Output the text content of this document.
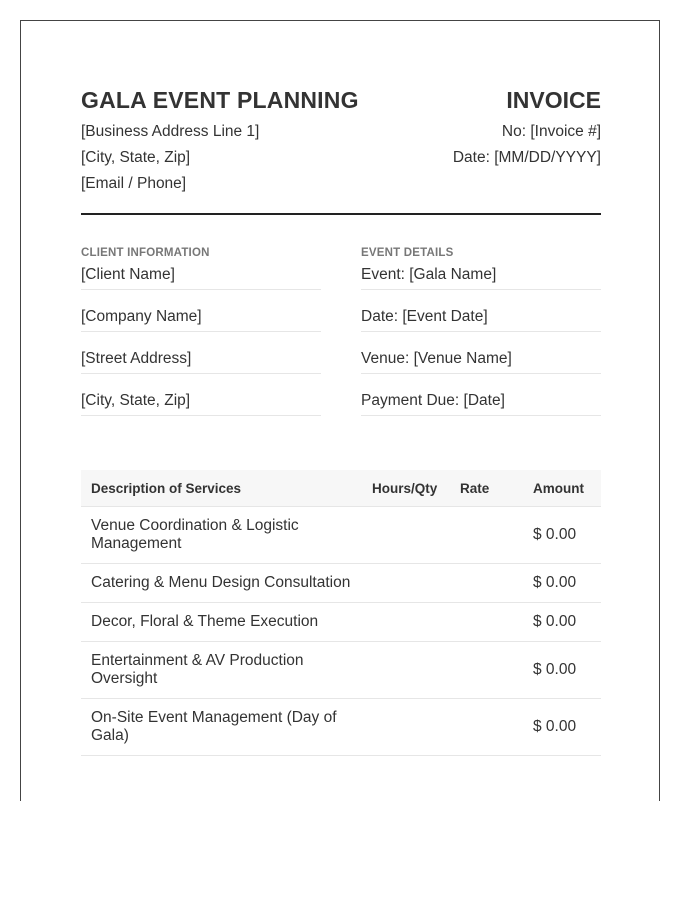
GALA EVENT PLANNING
[Business Address Line 1]
[City, State, Zip]
[Email / Phone]
INVOICE
No: [Invoice #]
Date: [MM/DD/YYYY]
CLIENT INFORMATION
[Client Name]
[Company Name]
[Street Address]
[City, State, Zip]
EVENT DETAILS
Event: [Gala Name]
Date: [Event Date]
Venue: [Venue Name]
Payment Due: [Date]
Description of Services	Hours/Qty	Rate	Amount
Venue Coordination & Logistic Management			$ 0.00
Catering & Menu Design Consultation			$ 0.00
Decor, Floral & Theme Execution			$ 0.00
Entertainment & AV Production Oversight			$ 0.00
On-Site Event Management (Day of Gala)			$ 0.00
